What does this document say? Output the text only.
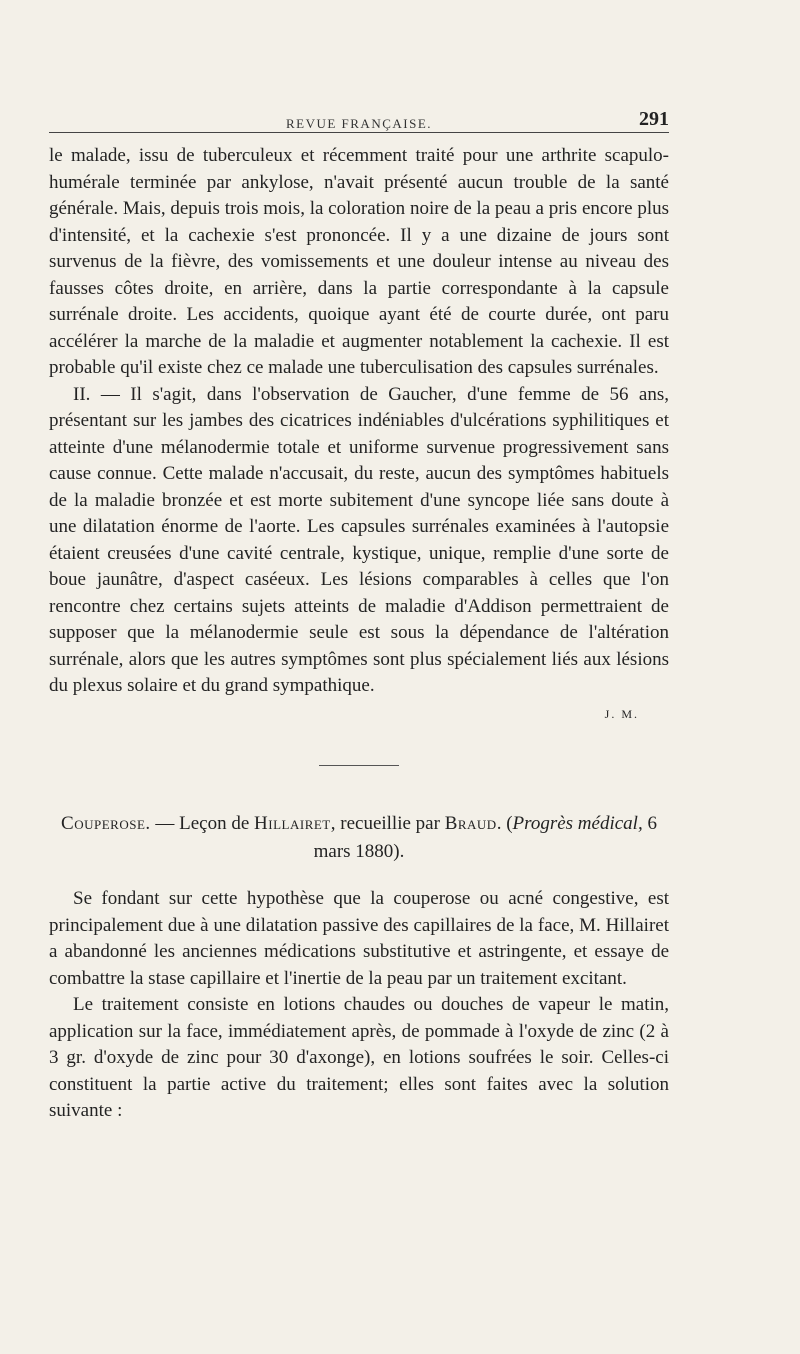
REVUE FRANÇAISE.	291

le malade, issu de tuberculeux et récemment traité pour une arthrite scapulo-humérale terminée par ankylose, n'avait présenté aucun trouble de la santé générale. Mais, depuis trois mois, la coloration noire de la peau a pris encore plus d'intensité, et la cachexie s'est prononcée. Il y a une dizaine de jours sont survenus de la fièvre, des vomissements et une douleur intense au niveau des fausses côtes droite, en arrière, dans la partie correspondante à la capsule surrénale droite. Les accidents, quoique ayant été de courte durée, ont paru accélérer la marche de la maladie et augmenter notablement la cachexie. Il est probable qu'il existe chez ce malade une tuberculisation des capsules surrénales.

II. — Il s'agit, dans l'observation de Gaucher, d'une femme de 56 ans, présentant sur les jambes des cicatrices indéniables d'ulcérations syphilitiques et atteinte d'une mélanodermie totale et uniforme survenue progressivement sans cause connue. Cette malade n'accusait, du reste, aucun des symptômes habituels de la maladie bronzée et est morte subitement d'une syncope liée sans doute à une dilatation énorme de l'aorte. Les capsules surrénales examinées à l'autopsie étaient creusées d'une cavité centrale, kystique, unique, remplie d'une sorte de boue jaunâtre, d'aspect caséeux. Les lésions comparables à celles que l'on rencontre chez certains sujets atteints de maladie d'Addison permettraient de supposer que la mélanodermie seule est sous la dépendance de l'altération surrénale, alors que les autres symptômes sont plus spécialement liés aux lésions du plexus solaire et du grand sympathique.

J. M.
Couperose. — Leçon de Hillairet, recueillie par Braud. (Progrès médical, 6 mars 1880).

Se fondant sur cette hypothèse que la couperose ou acné congestive, est principalement due à une dilatation passive des capillaires de la face, M. Hillairet a abandonné les anciennes médications substitutive et astringente, et essaye de combattre la stase capillaire et l'inertie de la peau par un traitement excitant.

Le traitement consiste en lotions chaudes ou douches de vapeur le matin, application sur la face, immédiatement après, de pommade à l'oxyde de zinc (2 à 3 gr. d'oxyde de zinc pour 30 d'axonge), en lotions soufrées le soir. Celles-ci constituent la partie active du traitement; elles sont faites avec la solution suivante :
